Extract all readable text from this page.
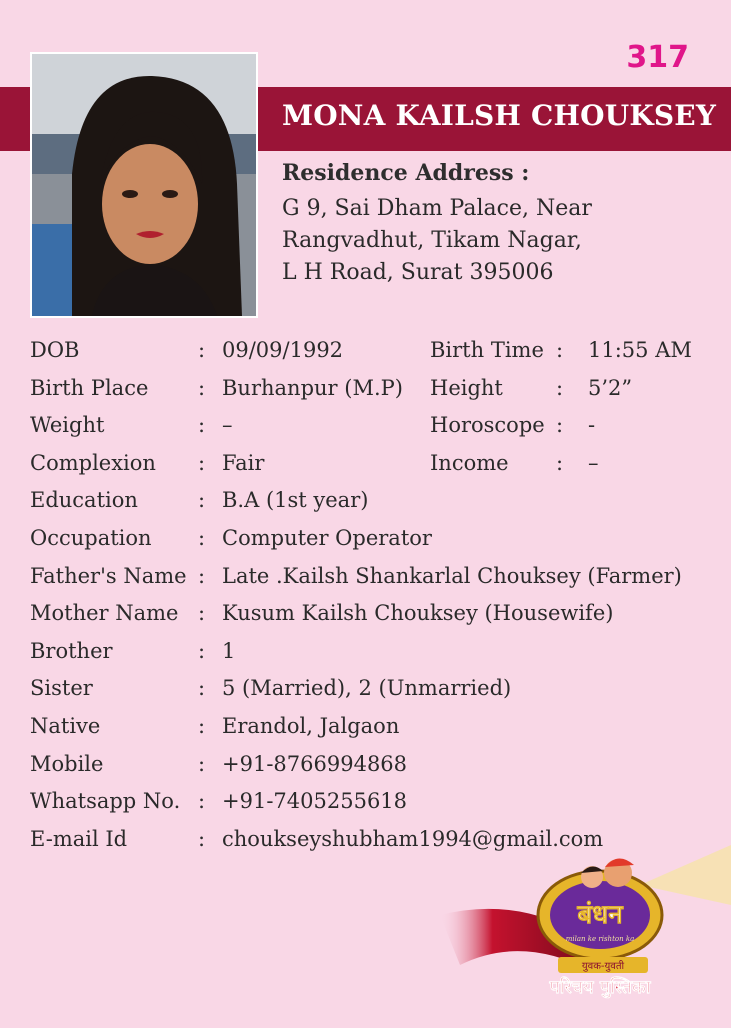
317
MONA KAILSH CHOUKSEY
Residence Address :
G 9, Sai Dham Palace, Near
Rangvadhut, Tikam Nagar,
L H Road, Surat 395006
DOB	: 09/09/1992	Birth Time : 11:55 AM
Birth Place : Burhanpur (M.P) Height	: 5’2”
Weight	: –	Horoscope : -
Complexion : Fair	Income : –
Education	: B.A (1st year)
Occupation : Computer Operator
Father's Name : Late .Kailsh Shankarlal Chouksey (Farmer)
Mother Name : Kusum Kailsh Chouksey (Housewife)
Brother	: 1
Sister	: 5 (Married), 2 (Unmarried)
Native	: Erandol, Jalgaon
Mobile	: +91-8766994868
Whatsapp No. : +91-7405255618
E-mail Id	: choukseyshubham1994@gmail.com
बंधन
milan ke rishton ka
युवक-युवती
परिचय पुस्तिका
